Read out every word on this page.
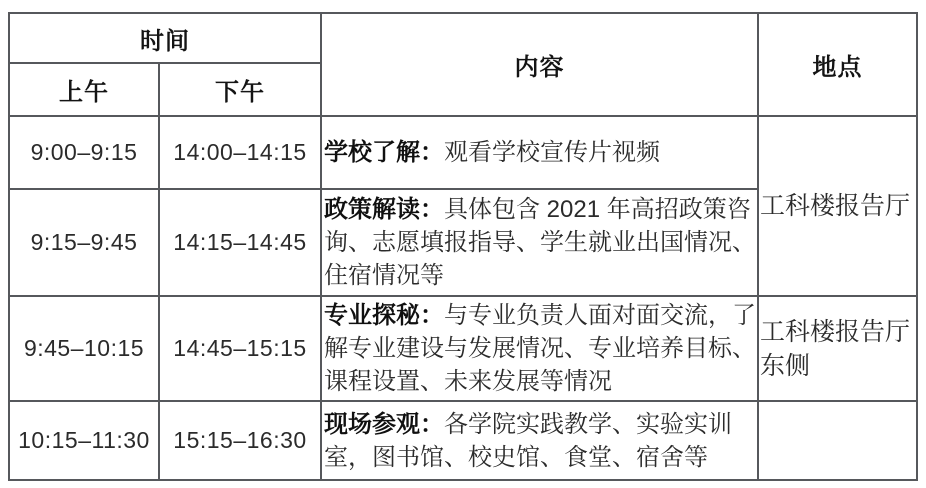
时间		内容	地点
上午	下午		
9:00–9:15	14:00–14:15	学校了解：观看学校宣传片视频	工科楼报告厅
9:15–9:45	14:15–14:45	政策解读：具体包含 2021 年高招政策咨询、志愿填报指导、学生就业出国情况、住宿情况等	
9:45–10:15	14:45–15:15	专业探秘：与专业负责人面对面交流，了解专业建设与发展情况、专业培养目标、课程设置、未来发展等情况	工科楼报告厅东侧
10:15–11:30	15:15–16:30	现场参观：各学院实践教学、实验实训室，图书馆、校史馆、食堂、宿舍等	
